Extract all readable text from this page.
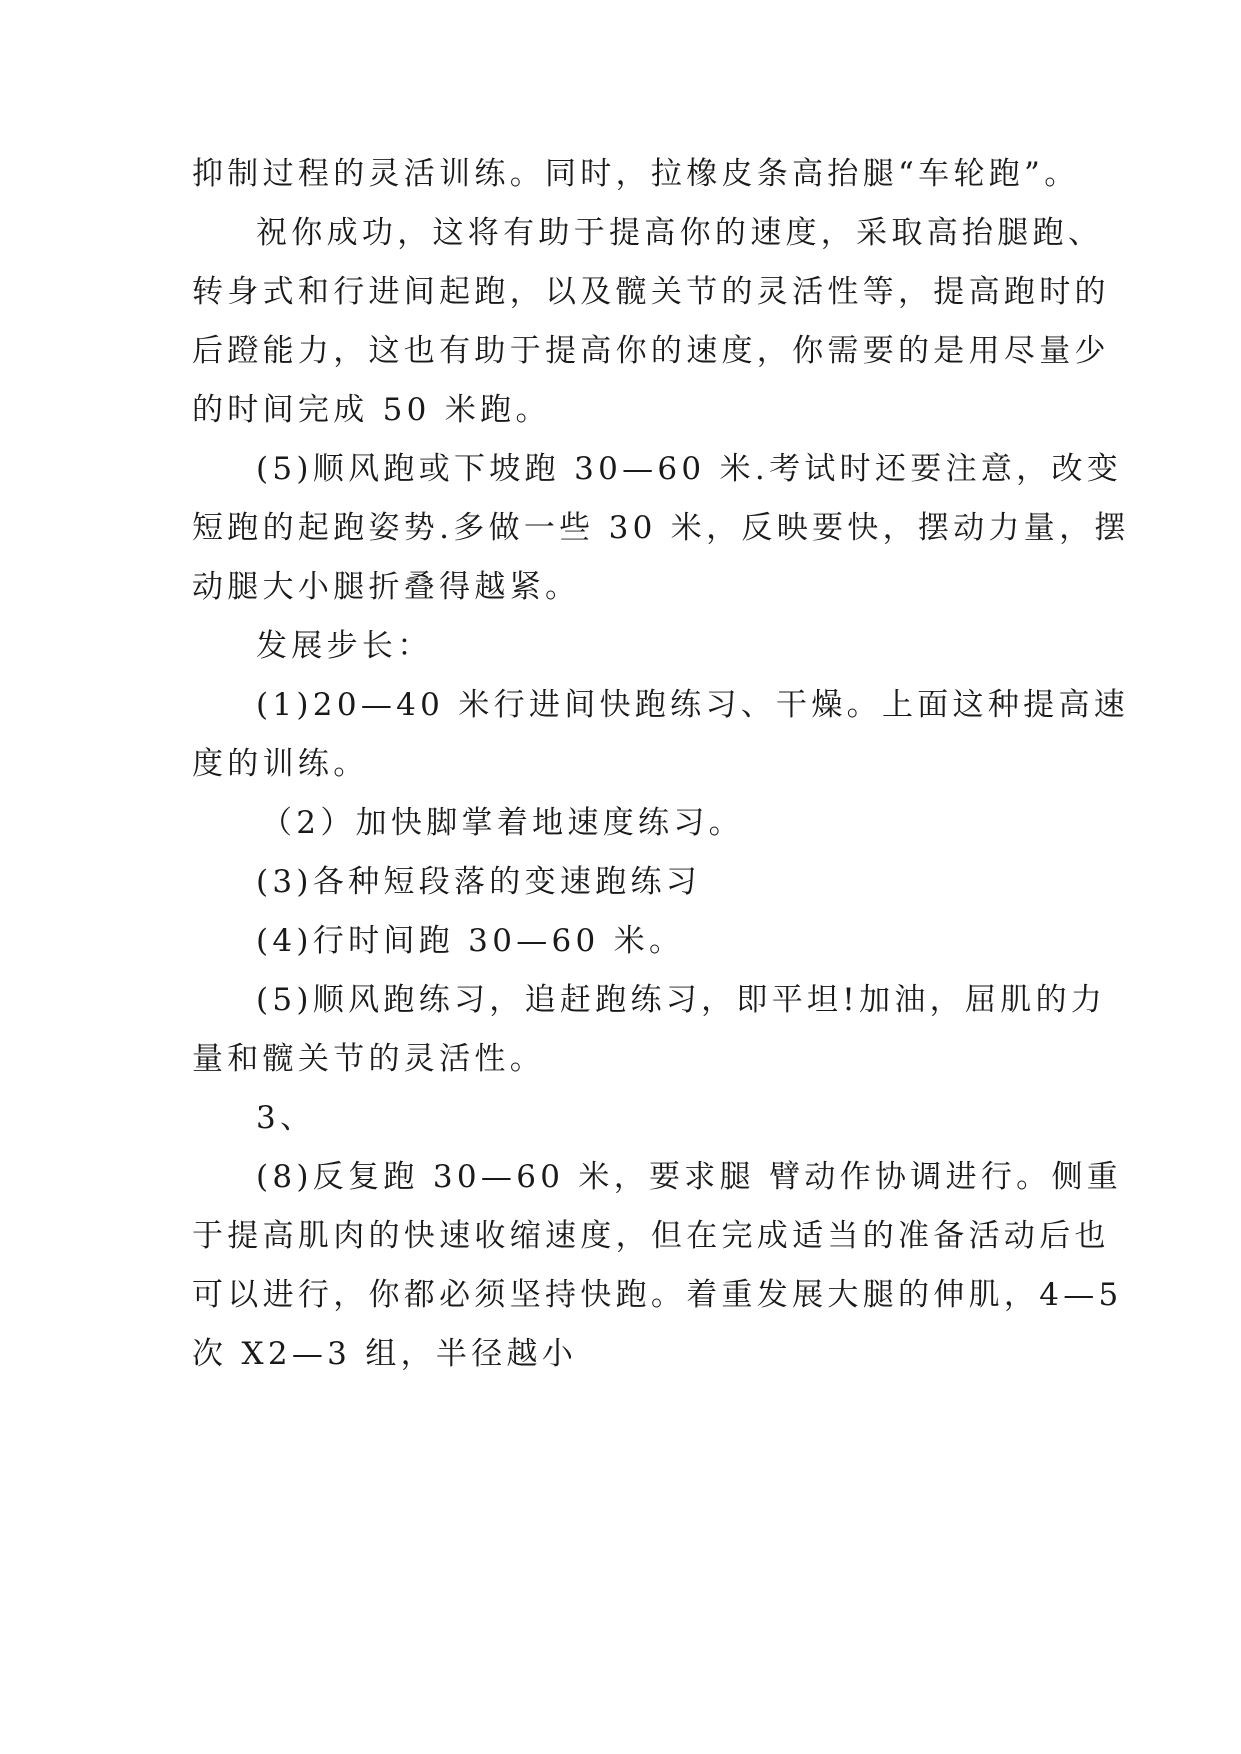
抑制过程的灵活训练。同时，拉橡皮条高抬腿“车轮跑”。
祝你成功，这将有助于提高你的速度，采取高抬腿跑、
转身式和行进间起跑，以及髋关节的灵活性等，提高跑时的
后蹬能力，这也有助于提高你的速度，你需要的是用尽量少
的时间完成 50 米跑。
(5)顺风跑或下坡跑 30—60 米.考试时还要注意，改变
短跑的起跑姿势.多做一些 30 米，反映要快，摆动力量，摆
动腿大小腿折叠得越紧。
发展步长：
(1)20—40 米行进间快跑练习、干燥。上面这种提高速
度的训练。
（2）加快脚掌着地速度练习。
(3)各种短段落的变速跑练习
(4)行时间跑 30—60 米。
(5)顺风跑练习，追赶跑练习，即平坦!加油，屈肌的力
量和髋关节的灵活性。
3、
(8)反复跑 30—60 米，要求腿 臂动作协调进行。侧重
于提高肌肉的快速收缩速度，但在完成适当的准备活动后也
可以进行，你都必须坚持快跑。着重发展大腿的伸肌，4—5
次 X2—3 组，半径越小
